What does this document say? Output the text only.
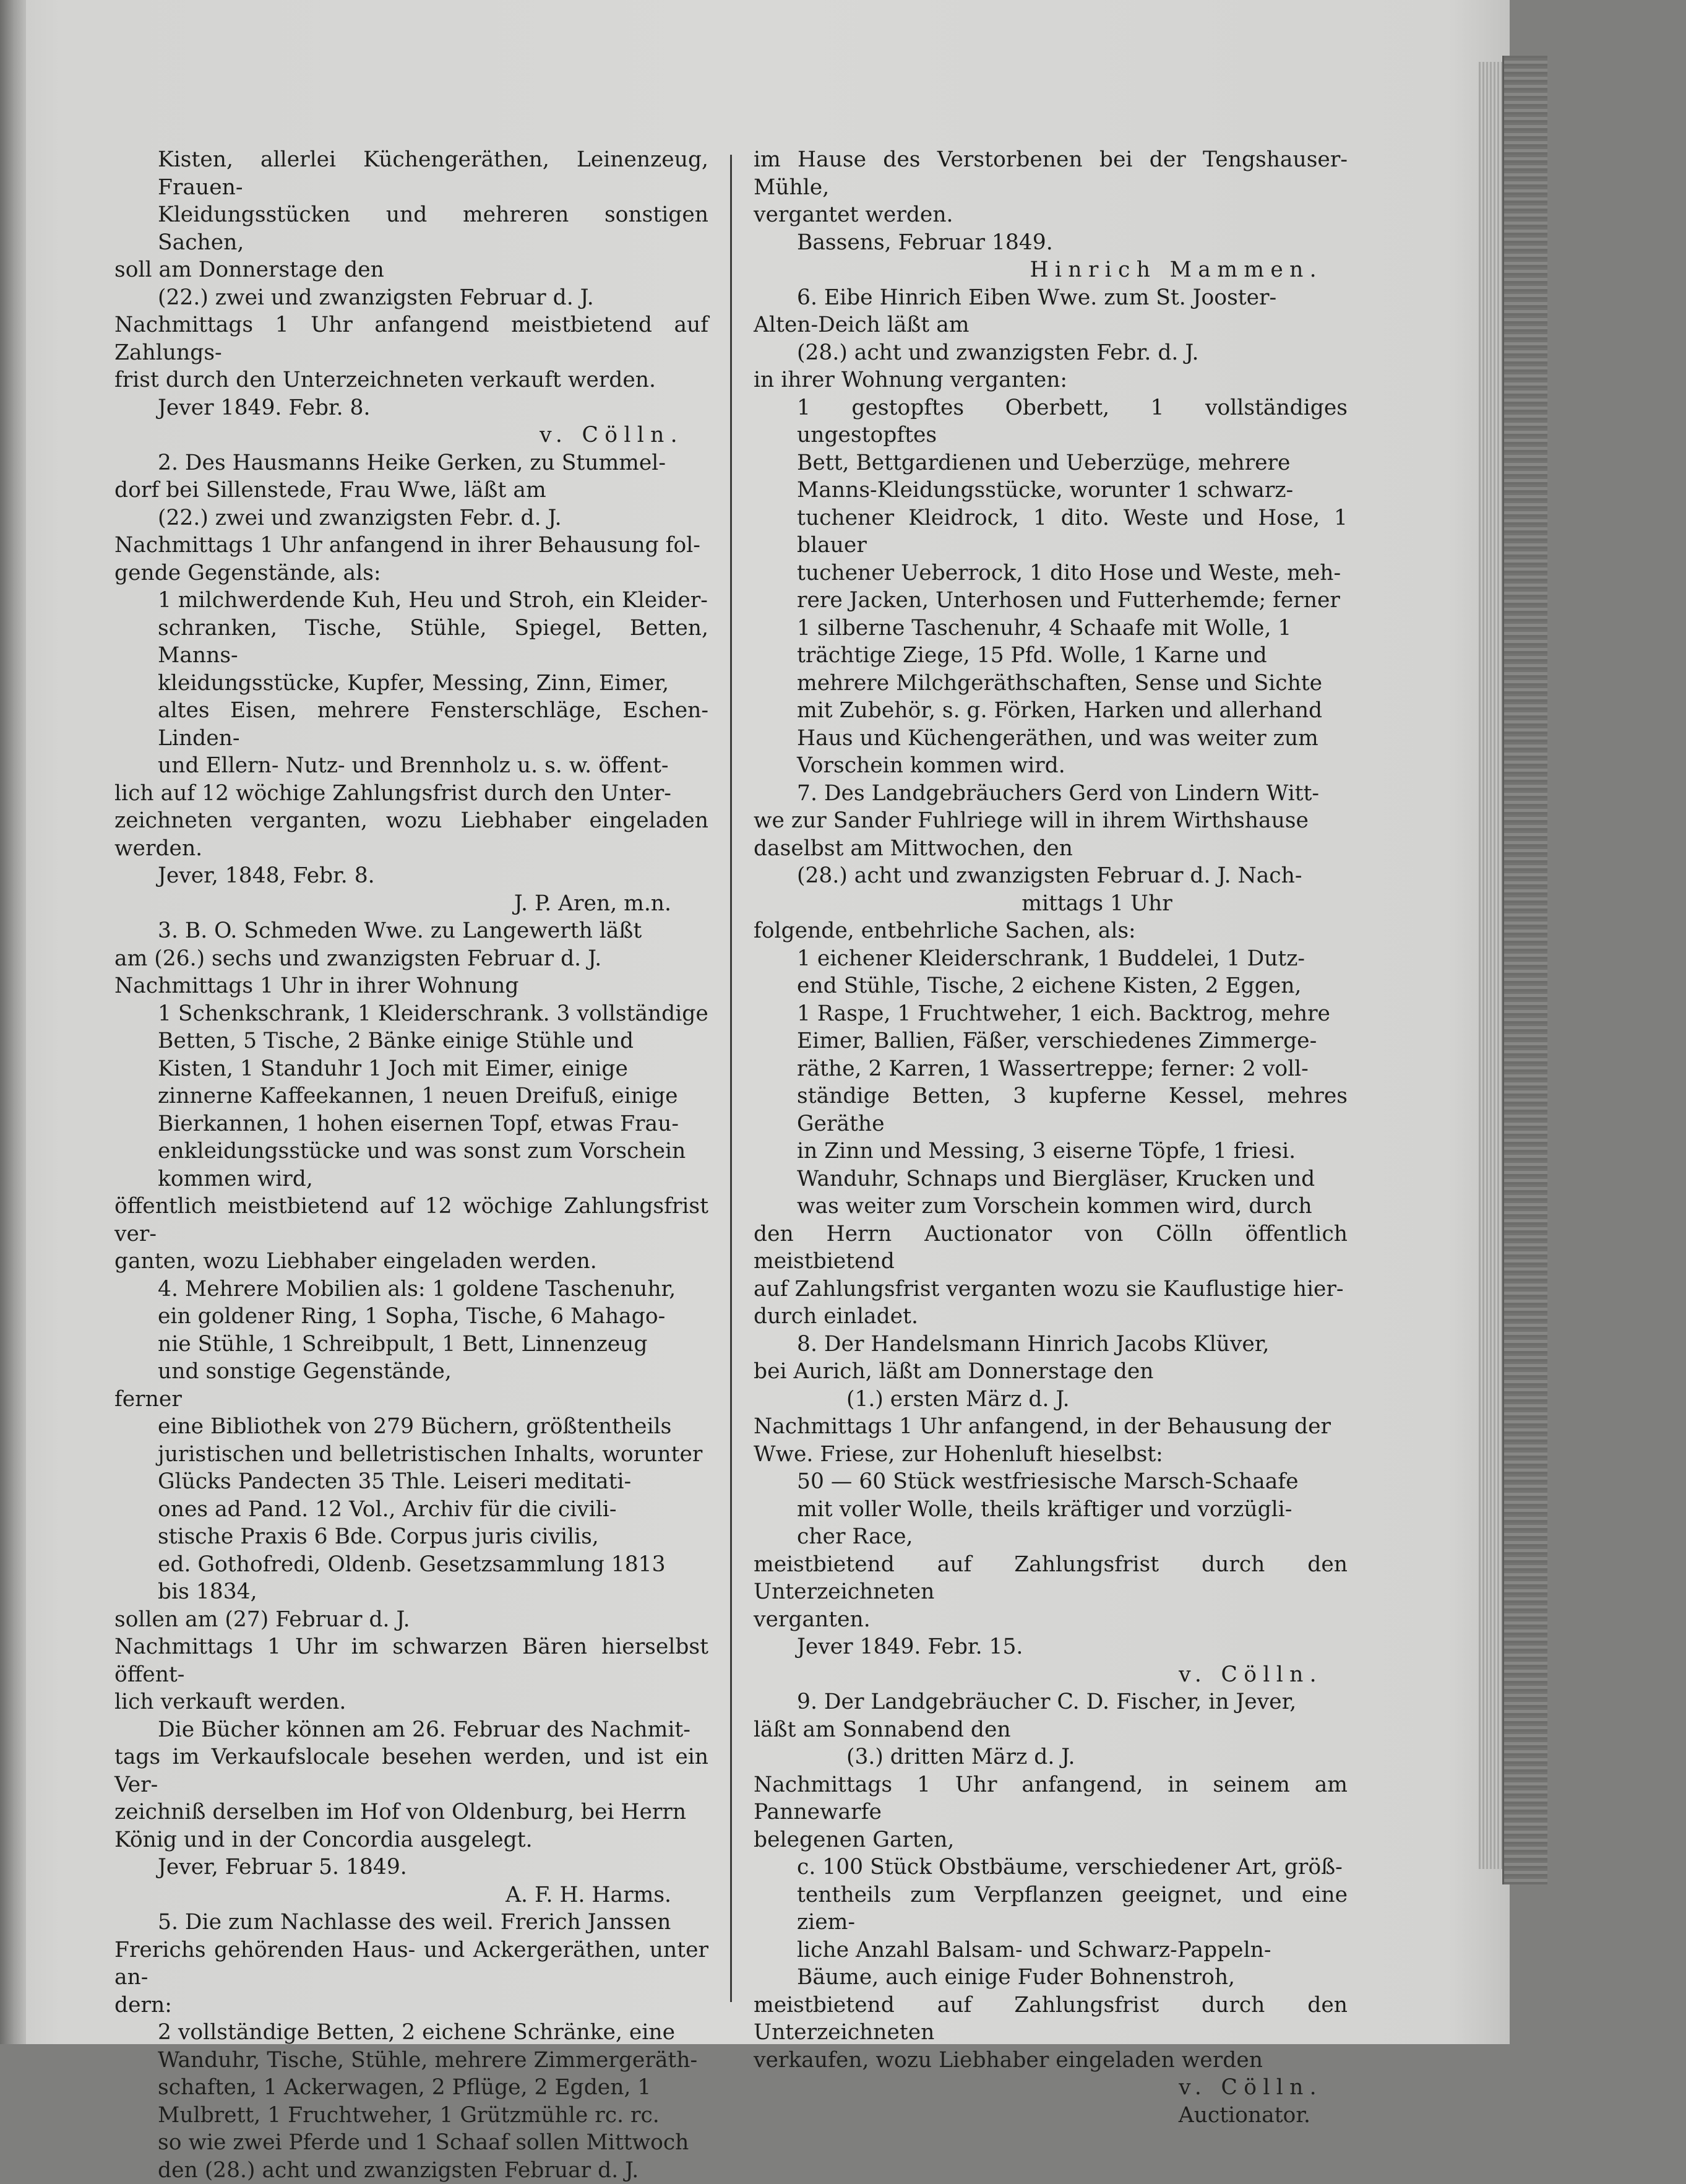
Kisten, allerlei Küchengeräthen, Leinenzeug, Frauen-

Kleidungsstücken und mehreren sonstigen Sachen,

soll am Donnerstage den

(22.) zwei und zwanzigsten Februar d. J.

Nachmittags 1 Uhr anfangend meistbietend auf Zahlungs-

frist durch den Unterzeichneten verkauft werden.

Jever 1849. Febr. 8.

v. Cölln.

2. Des Hausmanns Heike Gerken, zu Stummel-

dorf bei Sillenstede, Frau Wwe, läßt am

(22.) zwei und zwanzigsten Febr. d. J.

Nachmittags 1 Uhr anfangend in ihrer Behausung fol-

gende Gegenstände, als:

1 milchwerdende Kuh, Heu und Stroh, ein Kleider-

schranken, Tische, Stühle, Spiegel, Betten, Manns-

kleidungsstücke, Kupfer, Messing, Zinn, Eimer,

altes Eisen, mehrere Fensterschläge, Eschen- Linden-

und Ellern- Nutz- und Brennholz u. s. w. öffent-

lich auf 12 wöchige Zahlungsfrist durch den Unter-

zeichneten verganten, wozu Liebhaber eingeladen werden.

Jever, 1848, Febr. 8.

J. P. Aren, m.n.

3. B. O. Schmeden Wwe. zu Langewerth läßt

am (26.) sechs und zwanzigsten Februar d. J.

Nachmittags 1 Uhr in ihrer Wohnung

1 Schenkschrank, 1 Kleiderschrank. 3 vollständige

Betten, 5 Tische, 2 Bänke einige Stühle und

Kisten, 1 Standuhr 1 Joch mit Eimer, einige

zinnerne Kaffeekannen, 1 neuen Dreifuß, einige

Bierkannen, 1 hohen eisernen Topf, etwas Frau-

enkleidungsstücke und was sonst zum Vorschein

kommen wird,

öffentlich meistbietend auf 12 wöchige Zahlungsfrist ver-

ganten, wozu Liebhaber eingeladen werden.

4. Mehrere Mobilien als: 1 goldene Taschenuhr,

ein goldener Ring, 1 Sopha, Tische, 6 Mahago-

nie Stühle, 1 Schreibpult, 1 Bett, Linnenzeug

und sonstige Gegenstände,

ferner

eine Bibliothek von 279 Büchern, größtentheils

juristischen und belletristischen Inhalts, worunter

Glücks Pandecten 35 Thle. Leiseri meditati-

ones ad Pand. 12 Vol., Archiv für die civili-

stische Praxis 6 Bde. Corpus juris civilis,

ed. Gothofredi, Oldenb. Gesetzsammlung 1813

bis 1834,

sollen am (27) Februar d. J.

Nachmittags 1 Uhr im schwarzen Bären hierselbst öffent-

lich verkauft werden.

Die Bücher können am 26. Februar des Nachmit-

tags im Verkaufslocale besehen werden, und ist ein Ver-

zeichniß derselben im Hof von Oldenburg, bei Herrn

König und in der Concordia ausgelegt.

Jever, Februar 5. 1849.

A. F. H. Harms.

5. Die zum Nachlasse des weil. Frerich Janssen

Frerichs gehörenden Haus- und Ackergeräthen, unter an-

dern:

2 vollständige Betten, 2 eichene Schränke, eine

Wanduhr, Tische, Stühle, mehrere Zimmergeräth-

schaften, 1 Ackerwagen, 2 Pflüge, 2 Egden, 1

Mulbrett, 1 Fruchtweher, 1 Grützmühle rc. rc.

so wie zwei Pferde und 1 Schaaf sollen Mittwoch

den (28.) acht und zwanzigsten Februar d. J.

im Hause des Verstorbenen bei der Tengshauser-Mühle,

vergantet werden.

Bassens, Februar 1849.

Hinrich Mammen.

6. Eibe Hinrich Eiben Wwe. zum St. Jooster-

Alten-Deich läßt am

(28.) acht und zwanzigsten Febr. d. J.

in ihrer Wohnung verganten:

1 gestopftes Oberbett, 1 vollständiges ungestopftes

Bett, Bettgardienen und Ueberzüge, mehrere

Manns-Kleidungsstücke, worunter 1 schwarz-

tuchener Kleidrock, 1 dito. Weste und Hose, 1 blauer

tuchener Ueberrock, 1 dito Hose und Weste, meh-

rere Jacken, Unterhosen und Futterhemde; ferner

1 silberne Taschenuhr, 4 Schaafe mit Wolle, 1

trächtige Ziege, 15 Pfd. Wolle, 1 Karne und

mehrere Milchgeräthschaften, Sense und Sichte

mit Zubehör, s. g. Förken, Harken und allerhand

Haus und Küchengeräthen, und was weiter zum

Vorschein kommen wird.

7. Des Landgebräuchers Gerd von Lindern Witt-

we zur Sander Fuhlriege will in ihrem Wirthshause

daselbst am Mittwochen, den

(28.) acht und zwanzigsten Februar d. J. Nach-

mittags 1 Uhr

folgende, entbehrliche Sachen, als:

1 eichener Kleiderschrank, 1 Buddelei, 1 Dutz-

end Stühle, Tische, 2 eichene Kisten, 2 Eggen,

1 Raspe, 1 Fruchtweher, 1 eich. Backtrog, mehre

Eimer, Ballien, Fäßer, verschiedenes Zimmerge-

räthe, 2 Karren, 1 Wassertreppe; ferner: 2 voll-

ständige Betten, 3 kupferne Kessel, mehres Geräthe

in Zinn und Messing, 3 eiserne Töpfe, 1 friesi.

Wanduhr, Schnaps und Biergläser, Krucken und

was weiter zum Vorschein kommen wird, durch

den Herrn Auctionator von Cölln öffentlich meistbietend

auf Zahlungsfrist verganten wozu sie Kauflustige hier-

durch einladet.

8. Der Handelsmann Hinrich Jacobs Klüver,

bei Aurich, läßt am Donnerstage den

(1.) ersten März d. J.

Nachmittags 1 Uhr anfangend, in der Behausung der

Wwe. Friese, zur Hohenluft hieselbst:

50 — 60 Stück westfriesische Marsch-Schaafe

mit voller Wolle, theils kräftiger und vorzügli-

cher Race,

meistbietend auf Zahlungsfrist durch den Unterzeichneten

verganten.

Jever 1849. Febr. 15.

v. Cölln.

9. Der Landgebräucher C. D. Fischer, in Jever,

läßt am Sonnabend den

(3.) dritten März d. J.

Nachmittags 1 Uhr anfangend, in seinem am Pannewarfe

belegenen Garten,

c. 100 Stück Obstbäume, verschiedener Art, größ-

tentheils zum Verpflanzen geeignet, und eine ziem-

liche Anzahl Balsam- und Schwarz-Pappeln-

Bäume, auch einige Fuder Bohnenstroh,

meistbietend auf Zahlungsfrist durch den Unterzeichneten

verkaufen, wozu Liebhaber eingeladen werden

v. Cölln.

Auctionator.
